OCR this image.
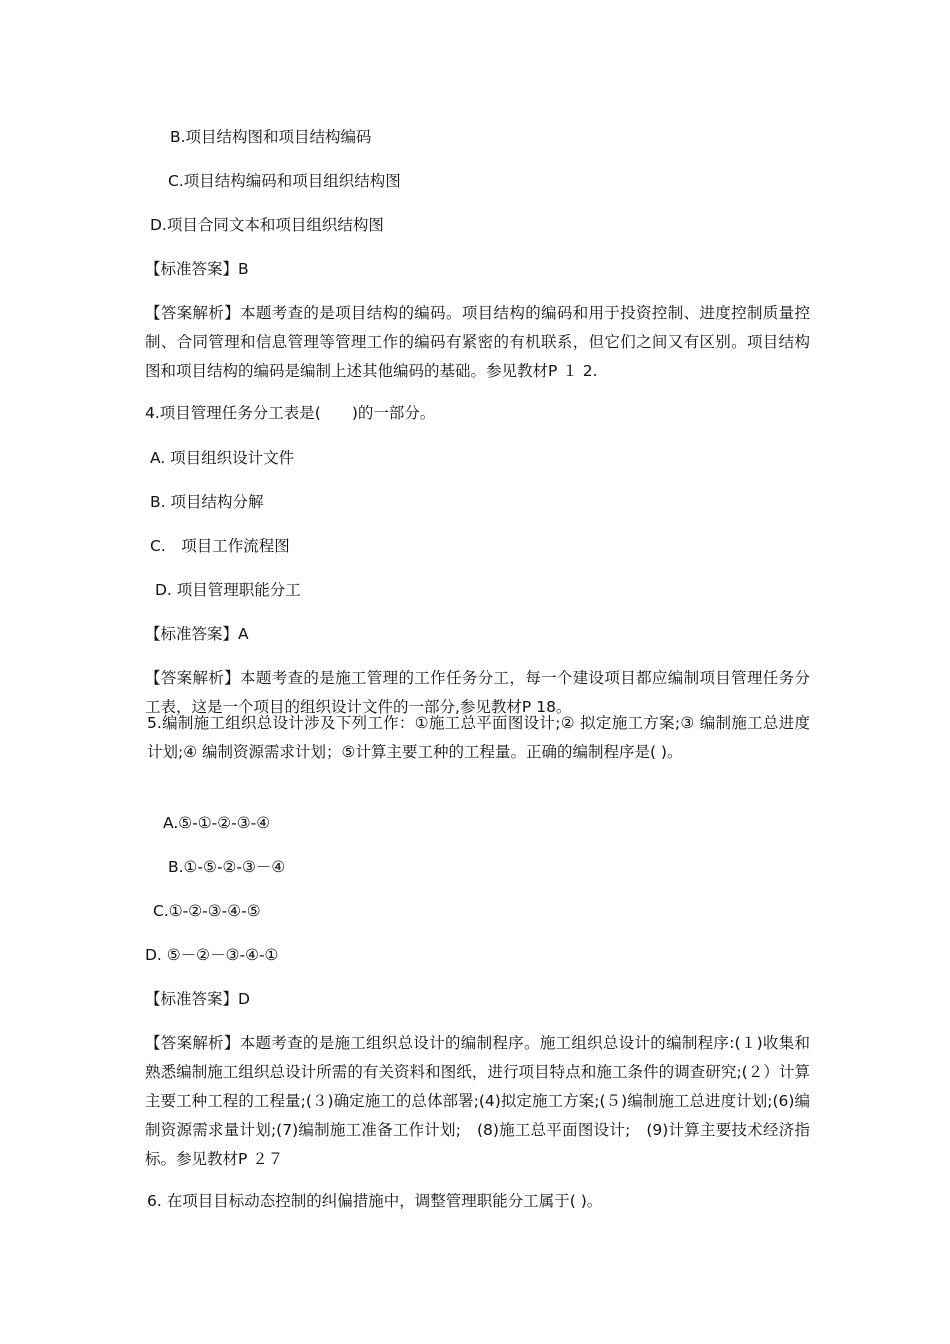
B.项目结构图和项目结构编码
C.项目结构编码和项目组织结构图
D.项目合同文本和项目组织结构图
【标准答案】B
【答案解析】本题考查的是项目结构的编码。项目结构的编码和用于投资控制、进度控制质量控制、合同管理和信息管理等管理工作的编码有紧密的有机联系，但它们之间又有区别。项目结构图和项目结构的编码是编制上述其他编码的基础。参见教材P １ 2.
4.项目管理任务分工表是(　　)的一部分。
A. 项目组织设计文件
B. 项目结构分解
C.　项目工作流程图
D. 项目管理职能分工
【标准答案】A
【答案解析】本题考查的是施工管理的工作任务分工，每一个建设项目都应编制项目管理任务分工表，这是一个项目的组织设计文件的一部分,参见教材P 18。
5.编制施工组织总设计涉及下列工作：①施工总平面图设计;② 拟定施工方案;③ 编制施工总进度计划;④ 编制资源需求计划；⑤计算主要工种的工程量。正确的编制程序是( )。
A.⑤-①-②-③-④
B.①-⑤-②-③－④
C.①-②-③-④-⑤
D. ⑤－②－③-④-①
【标准答案】D
【答案解析】本题考查的是施工组织总设计的编制程序。施工组织总设计的编制程序:(１)收集和熟悉编制施工组织总设计所需的有关资料和图纸，进行项目特点和施工条件的调查研究;(２）计算主要工种工程的工程量;(３)确定施工的总体部署;(4)拟定施工方案;(５)编制施工总进度计划;(6)编制资源需求量计划;(7)编制施工准备工作计划;　(8)施工总平面图设计;　(9)计算主要技术经济指标。参见教材P ２７
6. 在项目目标动态控制的纠偏措施中，调整管理职能分工属于( )。
